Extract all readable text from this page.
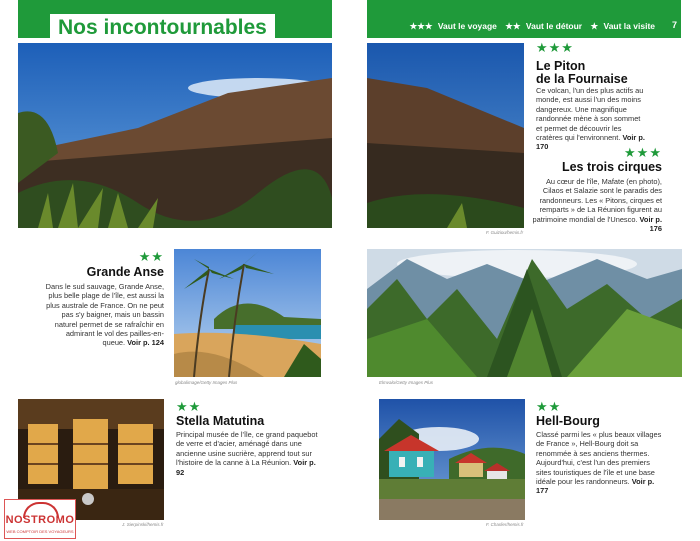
Nos incontournables	★★★ Vaut le voyage ★★ Vaut le détour ★ Vaut la visite 7
F. Guiziou/hemis.fr
★★★
Le Piton
de la Fournaise
Ce volcan, l'un des plus actifs au monde, est aussi l'un des moins dangereux. Une magnifique randonnée mène à son sommet et permet de découvrir les cratères qui l'environnent. Voir p. 170	★★★
Les trois cirques
Au cœur de l'île, Mafate (en photo), Cilaos et Salazie sont le paradis des randonneurs. Les « Pitons, cirques et remparts » de La Réunion figurent au patrimoine mondial de l'Unesco. Voir p. 176
★★
Grande Anse
Dans le sud sauvage, Grande Anse, plus belle plage de l'île, est aussi la plus australe de France. On ne peut pas s'y baigner, mais un bassin naturel permet de se rafraîchir en admirant le vol des pailles-en-queue. Voir p. 124
globalimage/Getty Images Plus	Elmvalo/Getty Images Plus
J. Sierpinski/hemis.fr
★★
Stella Matutina
Principal musée de l'île, ce grand paquebot de verre et d'acier, aménagé dans une ancienne usine sucrière, apprend tout sur l'histoire de la canne à La Réunion. Voir p. 92
F. Charlier/hemis.fr
★★
Hell-Bourg
Classé parmi les « plus beaux villages de France », Hell-Bourg doit sa renommée à ses anciens thermes. Aujourd'hui, c'est l'un des premiers sites touristiques de l'île et une base idéale pour les randonneurs. Voir p. 177
NOSTROMO
WEB COMPTOIR DES VOYAGEURS
